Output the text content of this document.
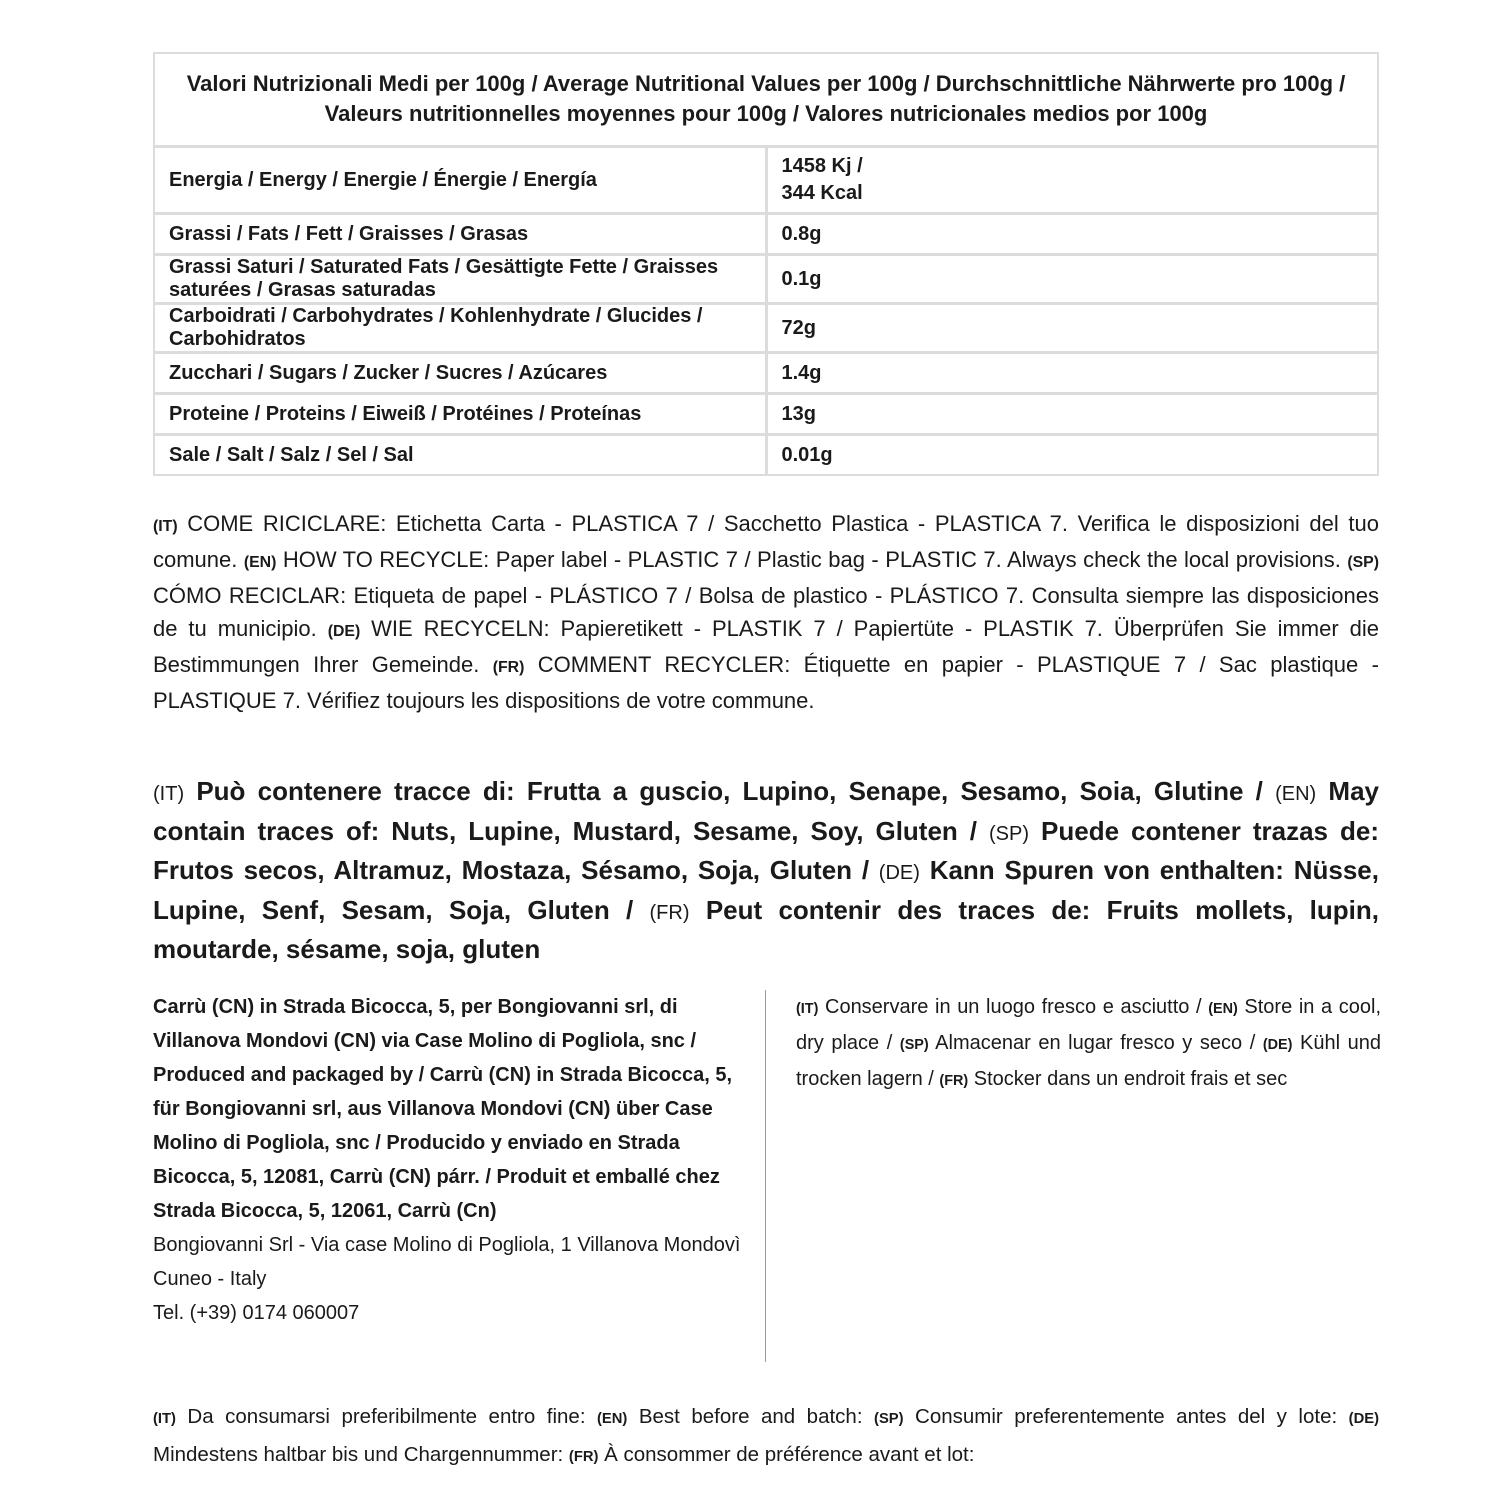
Valori Nutrizionali Medi per 100g / Average Nutritional Values per 100g / Durchschnittliche Nährwerte pro 100g / Valeurs nutritionnelles moyennes pour 100g / Valores nutricionales medios por 100g	
Energia / Energy / Energie / Énergie / Energía	1458 Kj /
344 Kcal
Grassi / Fats / Fett / Graisses / Grasas	0.8g
Grassi Saturi / Saturated Fats / Gesättigte Fette / Graisses saturées / Grasas saturadas	0.1g
Carboidrati / Carbohydrates / Kohlenhydrate / Glucides / Carbohidratos	72g
Zucchari / Sugars / Zucker / Sucres / Azúcares	1.4g
Proteine / Proteins / Eiweiß / Protéines / Proteínas	13g
Sale / Salt / Salz / Sel / Sal	0.01g

(IT) COME RICICLARE: Etichetta Carta - PLASTICA 7 / Sacchetto Plastica - PLASTICA 7. Verifica le disposizioni del tuo comune. (EN) HOW TO RECYCLE: Paper label - PLASTIC 7 / Plastic bag - PLASTIC 7. Always check the local provisions. (SP) CÓMO RECICLAR: Etiqueta de papel - PLÁSTICO 7 / Bolsa de plastico - PLÁSTICO 7. Consulta siempre las disposiciones de tu municipio. (DE) WIE RECYCELN: Papieretikett - PLASTIK 7 / Papiertüte - PLASTIK 7. Überprüfen Sie immer die Bestimmungen Ihrer Gemeinde. (FR) COMMENT RECYCLER: Étiquette en papier - PLASTIQUE 7 / Sac plastique - PLASTIQUE 7. Vérifiez toujours les dispositions de votre commune.

(IT) Può contenere tracce di: Frutta a guscio, Lupino, Senape, Sesamo, Soia, Glutine / (EN) May contain traces of: Nuts, Lupine, Mustard, Sesame, Soy, Gluten / (SP) Puede contener trazas de: Frutos secos, Altramuz, Mostaza, Sésamo, Soja, Gluten / (DE) Kann Spuren von enthalten: Nüsse, Lupine, Senf, Sesam, Soja, Gluten / (FR) Peut contenir des traces de: Fruits mollets, lupin, moutarde, sésame, soja, gluten

Carrù (CN) in Strada Bicocca, 5, per Bongiovanni srl, di Villanova Mondovi (CN) via Case Molino di Pogliola, snc / Produced and packaged by / Carrù (CN) in Strada Bicocca, 5, für Bongiovanni srl, aus Villanova Mondovi (CN) über Case Molino di Pogliola, snc / Producido y enviado en Strada Bicocca, 5, 12081, Carrù (CN) párr. / Produit et emballé chez Strada Bicocca, 5, 12061, Carrù (Cn)
Bongiovanni Srl - Via case Molino di Pogliola, 1 Villanova Mondovì Cuneo - Italy
Tel. (+39) 0174 060007
(IT) Conservare in un luogo fresco e asciutto / (EN) Store in a cool, dry place / (SP) Almacenar en lugar fresco y seco / (DE) Kühl und trocken lagern / (FR) Stocker dans un endroit frais et sec

(IT) Da consumarsi preferibilmente entro fine: (EN) Best before and batch: (SP) Consumir preferentemente antes del y lote: (DE) Mindestens haltbar bis und Chargennummer: (FR) À consommer de préférence avant et lot:
